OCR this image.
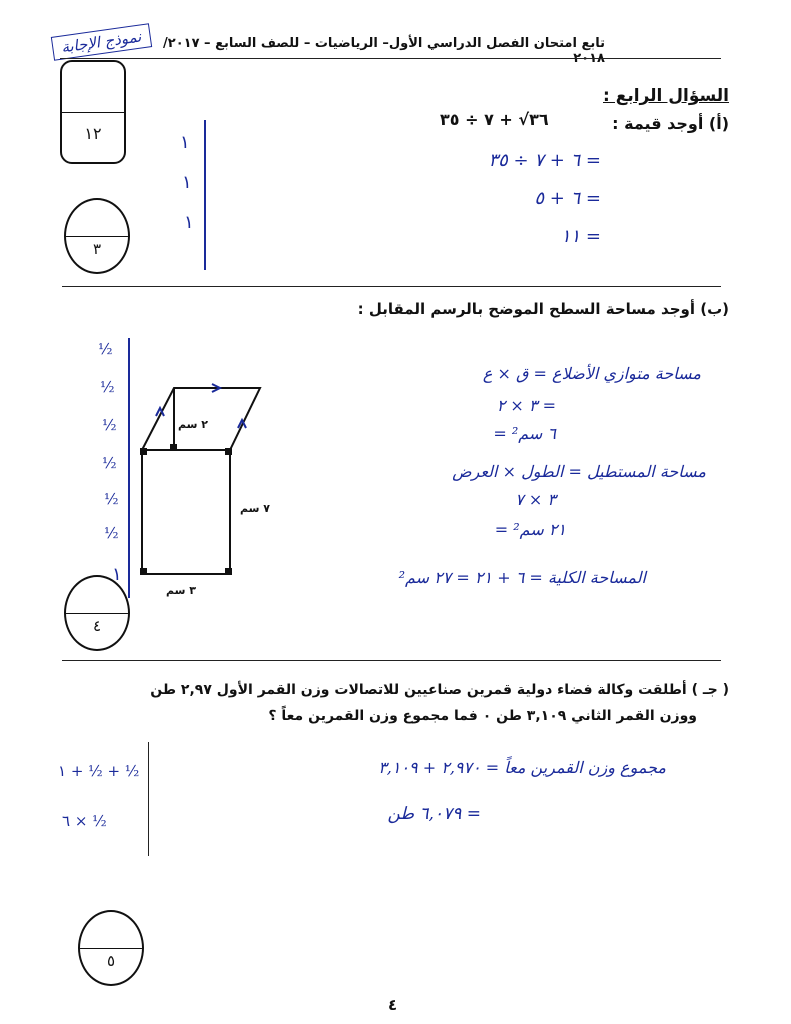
نموذج الإجابة	تابع امتحان الفصل الدراسي الأول– الرياضيات – للصف السابع – ٢٠١٧/ ٢٠١٨
١٢
السؤال الرابع :
(أ) أوجد قيمة :
٣٦√ + ٧ ÷ ٣٥
٦ + ٧ ÷ ٣٥ =
٦ + ٥ =
١١ =
١
١
١
٣
(ب) أوجد مساحة السطح الموضح بالرسم المقابل :
٢ سم
٧ سم
٣ سم
مساحة متوازي الأضلاع = ق × ع
٣ × ٢ =
٦ سم² =
مساحة المستطيل = الطول × العرض
٣ × ٧
٢١ سم² =
المساحة الكلية = ٦ + ٢١ = ٢٧ سم²
½
½
½
½
½
½
١
٤
( جـ ) أطلقت وكالة فضاء دولية قمرين صناعيين للاتصالات وزن القمر الأول ٢,٩٧ طن
ووزن القمر الثاني ٣,١٠٩ طن ٠ فما مجموع وزن القمرين معاً ؟
مجموع وزن القمرين معاً = ٢,٩٧٠ + ٣,١٠٩
= ٦,٠٧٩ طن
١ + ½ + ½
٦ × ½
٥
٤
